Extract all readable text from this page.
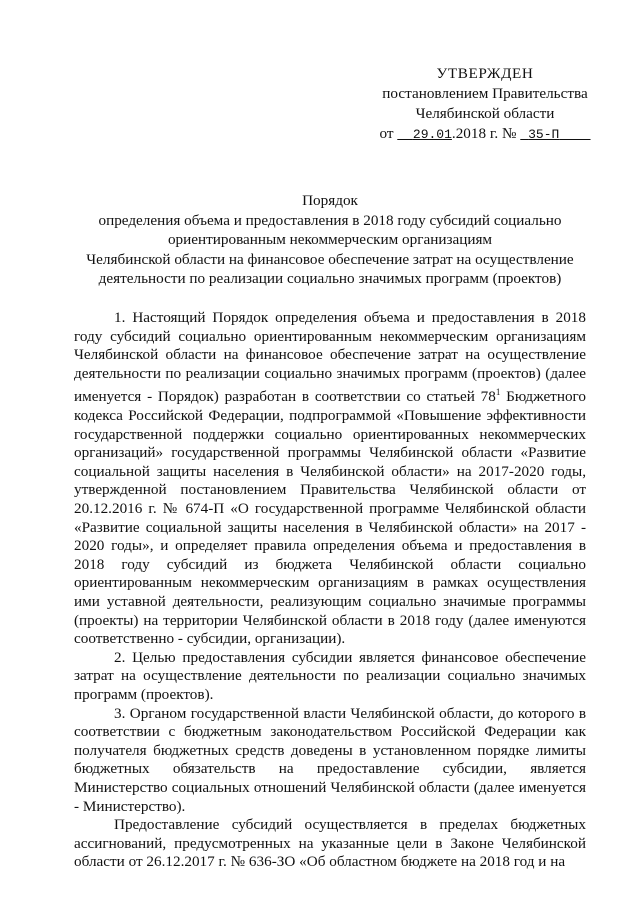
УТВЕРЖДЕН
постановлением Правительства
Челябинской области
от 29.01.2018 г. № 35-П
Порядок
определения объема и предоставления в 2018 году субсидий социально
ориентированным некоммерческим организациям
Челябинской области на финансовое обеспечение затрат на осуществление
деятельности по реализации социально значимых программ (проектов)

1. Настоящий Порядок определения объема и предоставления в 2018 году субсидий социально ориентированным некоммерческим организациям Челябинской области на финансовое обеспечение затрат на осуществление деятельности по реализации социально значимых программ (проектов) (далее именуется - Порядок) разработан в соответствии со статьей $78^1$ Бюджетного кодекса Российской Федерации, подпрограммой «Повышение эффективности государственной поддержки социально ориентированных некоммерческих организаций» государственной программы Челябинской области «Развитие социальной защиты населения в Челябинской области» на 2017-2020 годы, утвержденной постановлением Правительства Челябинской области от 20.12.2016 г. № 674-П «О государственной программе Челябинской области «Развитие социальной защиты населения в Челябинской области» на 2017 - 2020 годы», и определяет правила определения объема и предоставления в 2018 году субсидий из бюджета Челябинской области социально ориентированным некоммерческим организациям в рамках осуществления ими уставной деятельности, реализующим социально значимые программы (проекты) на территории Челябинской области в 2018 году (далее именуются соответственно - субсидии, организации).

2. Целью предоставления субсидии является финансовое обеспечение затрат на осуществление деятельности по реализации социально значимых программ (проектов).

3. Органом государственной власти Челябинской области, до которого в соответствии с бюджетным законодательством Российской Федерации как получателя бюджетных средств доведены в установленном порядке лимиты бюджетных обязательств на предоставление субсидии, является Министерство социальных отношений Челябинской области (далее именуется - Министерство).

Предоставление субсидий осуществляется в пределах бюджетных ассигнований, предусмотренных на указанные цели в Законе Челябинской области от 26.12.2017 г. № 636-ЗО «Об областном бюджете на 2018 год и на
